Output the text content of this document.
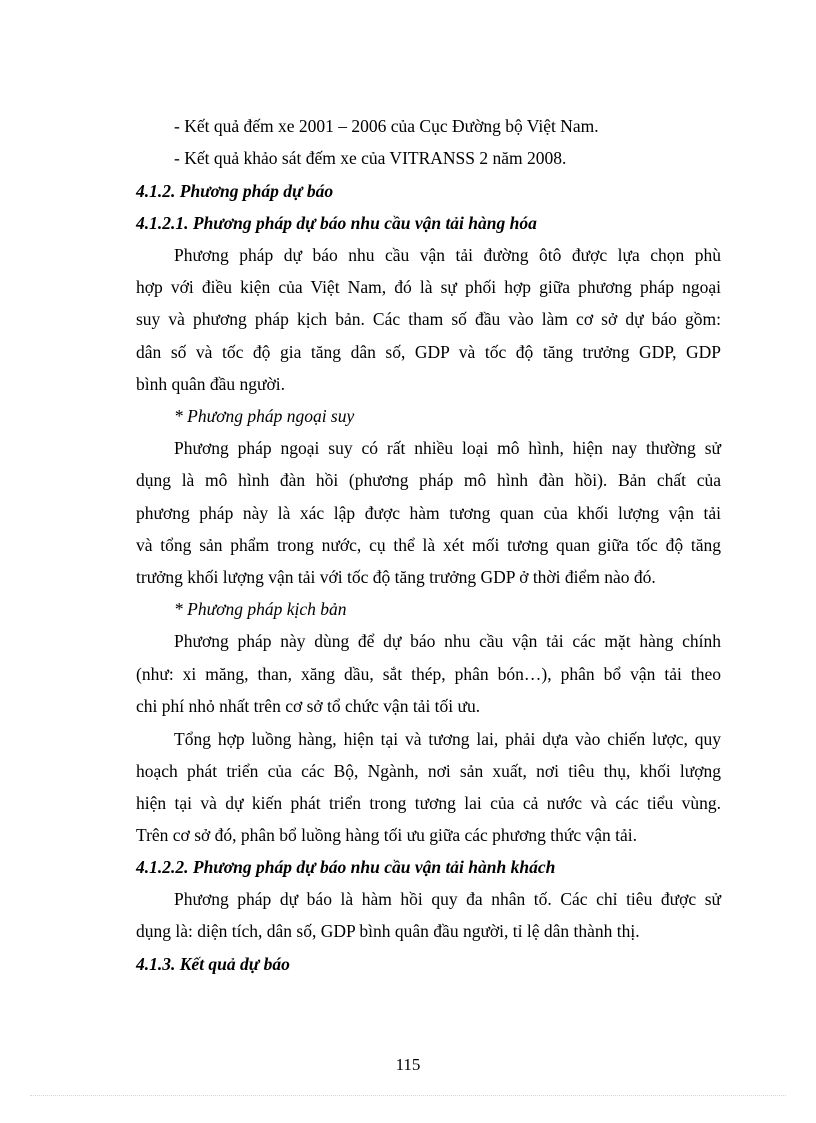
- Kết quả đếm xe 2001 – 2006 của Cục Đường bộ Việt Nam.
- Kết quả khảo sát đếm xe của VITRANSS 2 năm 2008.
4.1.2. Phương pháp dự báo
4.1.2.1. Phương pháp dự báo nhu cầu vận tải hàng hóa
Phương pháp dự báo nhu cầu vận tải đường ôtô được lựa chọn phù
hợp với điều kiện của Việt Nam, đó là sự phối hợp giữa phương pháp ngoại
suy và phương pháp kịch bản. Các tham số đầu vào làm cơ sở dự báo gồm:
dân số và tốc độ gia tăng dân số, GDP và tốc độ tăng trưởng GDP, GDP
bình quân đầu người.
* Phương pháp ngoại suy
Phương pháp ngoại suy có rất nhiều loại mô hình, hiện nay thường sử
dụng là mô hình đàn hồi (phương pháp mô hình đàn hồi). Bản chất của
phương pháp này là xác lập được hàm tương quan của khối lượng vận tải
và tổng sản phẩm trong nước, cụ thể là xét mối tương quan giữa tốc độ tăng
trưởng khối lượng vận tải với tốc độ tăng trưởng GDP ở thời điểm nào đó.
* Phương pháp kịch bản
Phương pháp này dùng để dự báo nhu cầu vận tải các mặt hàng chính
(như: xi măng, than, xăng dầu, sắt thép, phân bón…), phân bổ vận tải theo
chi phí nhỏ nhất trên cơ sở tổ chức vận tải tối ưu.
Tổng hợp luồng hàng, hiện tại và tương lai, phải dựa vào chiến lược, quy
hoạch phát triển của các Bộ, Ngành, nơi sản xuất, nơi tiêu thụ, khối lượng
hiện tại và dự kiến phát triển trong tương lai của cả nước và các tiểu vùng.
Trên cơ sở đó, phân bổ luồng hàng tối ưu giữa các phương thức vận tải.
4.1.2.2. Phương pháp dự báo nhu cầu vận tải hành khách
Phương pháp dự báo là hàm hồi quy đa nhân tố. Các chỉ tiêu được sử
dụng là: diện tích, dân số, GDP bình quân đầu người, tỉ lệ dân thành thị.
4.1.3. Kết quả dự báo
115
